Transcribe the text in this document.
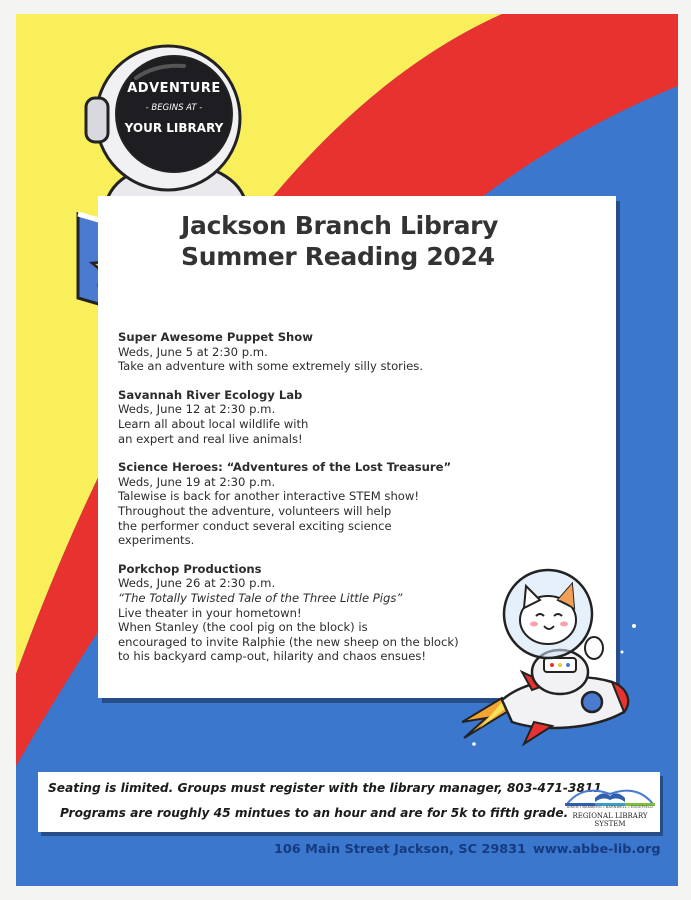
ADVENTURE
- BEGINS AT -
YOUR LIBRARY
Jackson Branch Library
Summer Reading 2024
Super Awesome Puppet Show
Weds, June 5 at 2:30 p.m.
Take an adventure with some extremely silly stories.
Savannah River Ecology Lab
Weds, June 12 at 2:30 p.m.
Learn all about local wildlife with
an expert and real live animals!
Science Heroes: “Adventures of the Lost Treasure”
Weds, June 19 at 2:30 p.m.
Talewise is back for another interactive STEM show!
Throughout the adventure, volunteers will help
the performer conduct several exciting science
experiments.
Porkchop Productions
Weds, June 26 at 2:30 p.m.
“The Totally Twisted Tale of the Three Little Pigs”
Live theater in your hometown!
When Stanley (the cool pig on the block) is
encouraged to invite Ralphie (the new sheep on the block)
to his backyard camp-out, hilarity and chaos ensues!
Seating is limited. Groups must register with the library manager, 803-471-3811
Programs are roughly 45 mintues to an hour and are for 5k to fifth grade.
AIKEN • BAMBERG • BARNWELL • EDGEFIELD
REGIONAL LIBRARY SYSTEM
106 Main Street Jackson, SC 29831 www.abbe-lib.org
